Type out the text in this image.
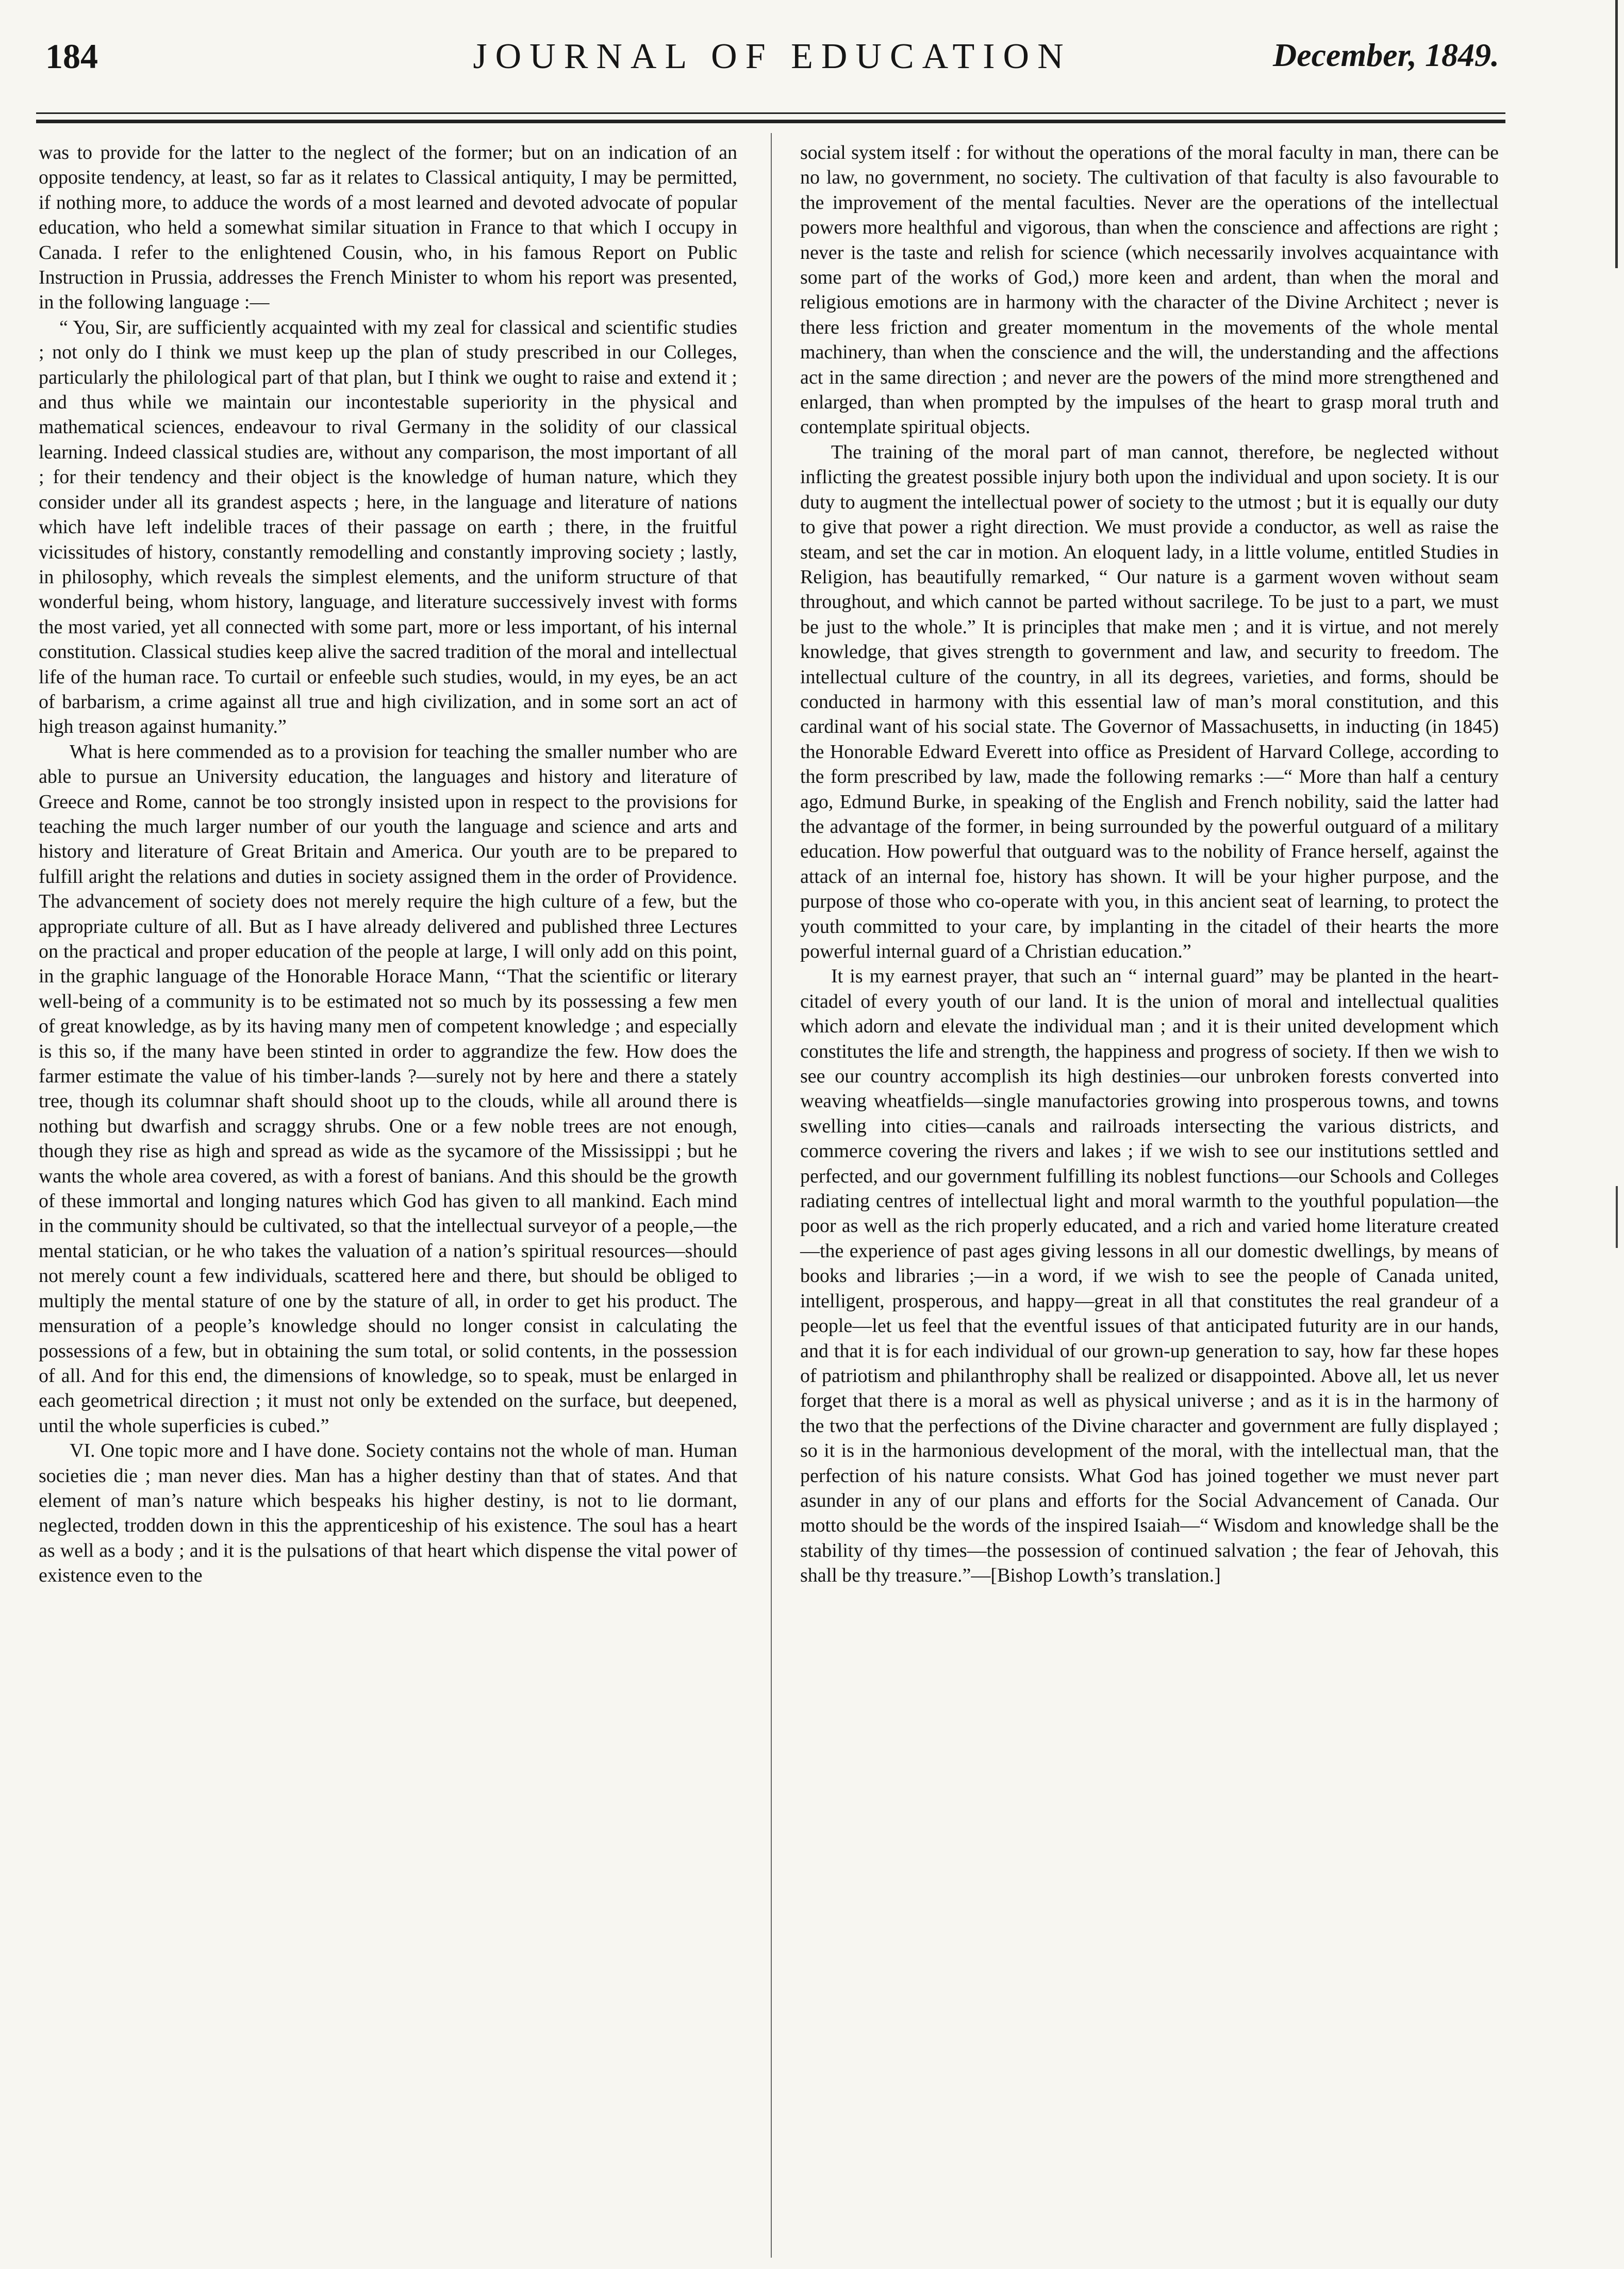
184	JOURNAL OF EDUCATION	December, 1849.

was to provide for the latter to the neglect of the former; but on an indication of an opposite tendency, at least, so far as it relates to Classical antiquity, I may be permitted, if nothing more, to adduce the words of a most learned and devoted advocate of popular education, who held a somewhat similar situation in France to that which I occupy in Canada. I refer to the enlightened Cousin, who, in his famous Report on Public Instruction in Prussia, addresses the French Minister to whom his report was presented, in the following language :—

“ You, Sir, are sufficiently acquainted with my zeal for classical and scientific studies ; not only do I think we must keep up the plan of study prescribed in our Colleges, particularly the philological part of that plan, but I think we ought to raise and extend it ; and thus while we maintain our incontestable superiority in the physical and mathematical sciences, endeavour to rival Germany in the solidity of our classical learning. Indeed classical studies are, without any comparison, the most important of all ; for their tendency and their object is the knowledge of human nature, which they consider under all its grandest aspects ; here, in the language and literature of nations which have left indelible traces of their passage on earth ; there, in the fruitful vicissitudes of history, constantly remodelling and constantly improving society ; lastly, in philosophy, which reveals the simplest elements, and the uniform structure of that wonderful being, whom history, language, and literature successively invest with forms the most varied, yet all connected with some part, more or less important, of his internal constitution. Classical studies keep alive the sacred tradition of the moral and intellectual life of the human race. To curtail or enfeeble such studies, would, in my eyes, be an act of barbarism, a crime against all true and high civilization, and in some sort an act of high treason against humanity.”

What is here commended as to a provision for teaching the smaller number who are able to pursue an University education, the languages and history and literature of Greece and Rome, cannot be too strongly insisted upon in respect to the provisions for teaching the much larger number of our youth the language and science and arts and history and literature of Great Britain and America. Our youth are to be prepared to fulfill aright the relations and duties in society assigned them in the order of Providence. The advancement of society does not merely require the high culture of a few, but the appropriate culture of all. But as I have already delivered and published three Lectures on the practical and proper education of the people at large, I will only add on this point, in the graphic language of the Honorable Horace Mann, ‘‘That the scientific or literary well-being of a community is to be estimated not so much by its possessing a few men of great knowledge, as by its having many men of competent knowledge ; and especially is this so, if the many have been stinted in order to aggrandize the few. How does the farmer estimate the value of his timber-lands ?—surely not by here and there a stately tree, though its columnar shaft should shoot up to the clouds, while all around there is nothing but dwarfish and scraggy shrubs. One or a few noble trees are not enough, though they rise as high and spread as wide as the sycamore of the Mississippi ; but he wants the whole area covered, as with a forest of banians. And this should be the growth of these immortal and longing natures which God has given to all mankind. Each mind in the community should be cultivated, so that the intellectual surveyor of a people,—the mental statician, or he who takes the valuation of a nation’s spiritual resources—should not merely count a few individuals, scattered here and there, but should be obliged to multiply the mental stature of one by the stature of all, in order to get his product. The mensuration of a people’s knowledge should no longer consist in calculating the possessions of a few, but in obtaining the sum total, or solid contents, in the possession of all. And for this end, the dimensions of knowledge, so to speak, must be enlarged in each geometrical direction ; it must not only be extended on the surface, but deepened, until the whole superficies is cubed.”

VI. One topic more and I have done. Society contains not the whole of man. Human societies die ; man never dies. Man has a higher destiny than that of states. And that element of man’s nature which bespeaks his higher destiny, is not to lie dormant, neglected, trodden down in this the apprenticeship of his existence. The soul has a heart as well as a body ; and it is the pulsations of that heart which dispense the vital power of existence even to the

social system itself : for without the operations of the moral faculty in man, there can be no law, no government, no society. The cultivation of that faculty is also favourable to the improvement of the mental faculties. Never are the operations of the intellectual powers more healthful and vigorous, than when the conscience and affections are right ; never is the taste and relish for science (which necessarily involves acquaintance with some part of the works of God,) more keen and ardent, than when the moral and religious emotions are in harmony with the character of the Divine Architect ; never is there less friction and greater momentum in the movements of the whole mental machinery, than when the conscience and the will, the understanding and the affections act in the same direction ; and never are the powers of the mind more strengthened and enlarged, than when prompted by the impulses of the heart to grasp moral truth and contemplate spiritual objects.

The training of the moral part of man cannot, therefore, be neglected without inflicting the greatest possible injury both upon the individual and upon society. It is our duty to augment the intellectual power of society to the utmost ; but it is equally our duty to give that power a right direction. We must provide a conductor, as well as raise the steam, and set the car in motion. An eloquent lady, in a little volume, entitled Studies in Religion, has beautifully remarked, “ Our nature is a garment woven without seam throughout, and which cannot be parted without sacrilege. To be just to a part, we must be just to the whole.” It is principles that make men ; and it is virtue, and not merely knowledge, that gives strength to government and law, and security to freedom. The intellectual culture of the country, in all its degrees, varieties, and forms, should be conducted in harmony with this essential law of man’s moral constitution, and this cardinal want of his social state. The Governor of Massachusetts, in inducting (in 1845) the Honorable Edward Everett into office as President of Harvard College, according to the form prescribed by law, made the following remarks :—“ More than half a century ago, Edmund Burke, in speaking of the English and French nobility, said the latter had the advantage of the former, in being surrounded by the powerful outguard of a military education. How powerful that outguard was to the nobility of France herself, against the attack of an internal foe, history has shown. It will be your higher purpose, and the purpose of those who co-operate with you, in this ancient seat of learning, to protect the youth committed to your care, by implanting in the citadel of their hearts the more powerful internal guard of a Christian education.”

It is my earnest prayer, that such an “ internal guard” may be planted in the heart-citadel of every youth of our land. It is the union of moral and intellectual qualities which adorn and elevate the individual man ; and it is their united development which constitutes the life and strength, the happiness and progress of society. If then we wish to see our country accomplish its high destinies—our unbroken forests converted into weaving wheatfields—single manufactories growing into prosperous towns, and towns swelling into cities—canals and railroads intersecting the various districts, and commerce covering the rivers and lakes ; if we wish to see our institutions settled and perfected, and our government fulfilling its noblest functions—our Schools and Colleges radiating centres of intellectual light and moral warmth to the youthful population—the poor as well as the rich properly educated, and a rich and varied home literature created—the experience of past ages giving lessons in all our domestic dwellings, by means of books and libraries ;—in a word, if we wish to see the people of Canada united, intelligent, prosperous, and happy—great in all that constitutes the real grandeur of a people—let us feel that the eventful issues of that anticipated futurity are in our hands, and that it is for each individual of our grown-up generation to say, how far these hopes of patriotism and philanthrophy shall be realized or disappointed. Above all, let us never forget that there is a moral as well as physical universe ; and as it is in the harmony of the two that the perfections of the Divine character and government are fully displayed ; so it is in the harmonious development of the moral, with the intellectual man, that the perfection of his nature consists. What God has joined together we must never part asunder in any of our plans and efforts for the Social Advancement of Canada. Our motto should be the words of the inspired Isaiah—“ Wisdom and knowledge shall be the stability of thy times—the possession of continued salvation ; the fear of Jehovah, this shall be thy treasure.”—[Bishop Lowth’s translation.]
